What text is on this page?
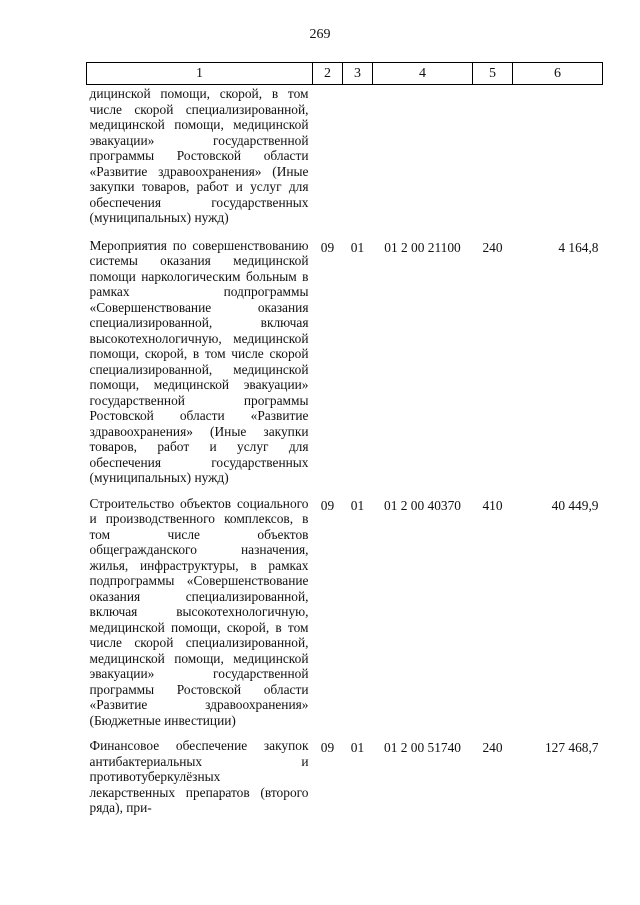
269
1	2	3	4	5	6
дицинской помощи, скорой, в том числе скорой специализированной, медицинской помощи, медицинской эвакуации» государственной программы Ростовской области «Развитие здравоохранения» (Иные закупки товаров, работ и услуг для обеспечения государственных (муниципальных) нужд)					
Мероприятия по совершенствованию системы оказания медицинской помощи наркологическим больным в рамках подпрограммы «Совершенствование оказания специализированной, включая высокотехнологичную, медицинской помощи, скорой, в том числе скорой специализированной, медицинской помощи, медицинской эвакуации» государственной программы Ростовской области «Развитие здравоохранения» (Иные закупки товаров, работ и услуг для обеспечения государственных (муниципальных) нужд)	09	01	01 2 00 21100	240	4 164,8
Строительство объектов социального и производственного комплексов, в том числе объектов общегражданского назначения, жилья, инфраструктуры, в рамках подпрограммы «Совершенствование оказания специализированной, включая высокотехнологичную, медицинской помощи, скорой, в том числе скорой специализированной, медицинской помощи, медицинской эвакуации» государственной программы Ростовской области «Развитие здравоохранения» (Бюджетные инвестиции)	09	01	01 2 00 40370	410	40 449,9
Финансовое обеспечение закупок антибактериальных и противотуберкулёзных лекарственных препаратов (второго ряда), при-	09	01	01 2 00 51740	240	127 468,7
